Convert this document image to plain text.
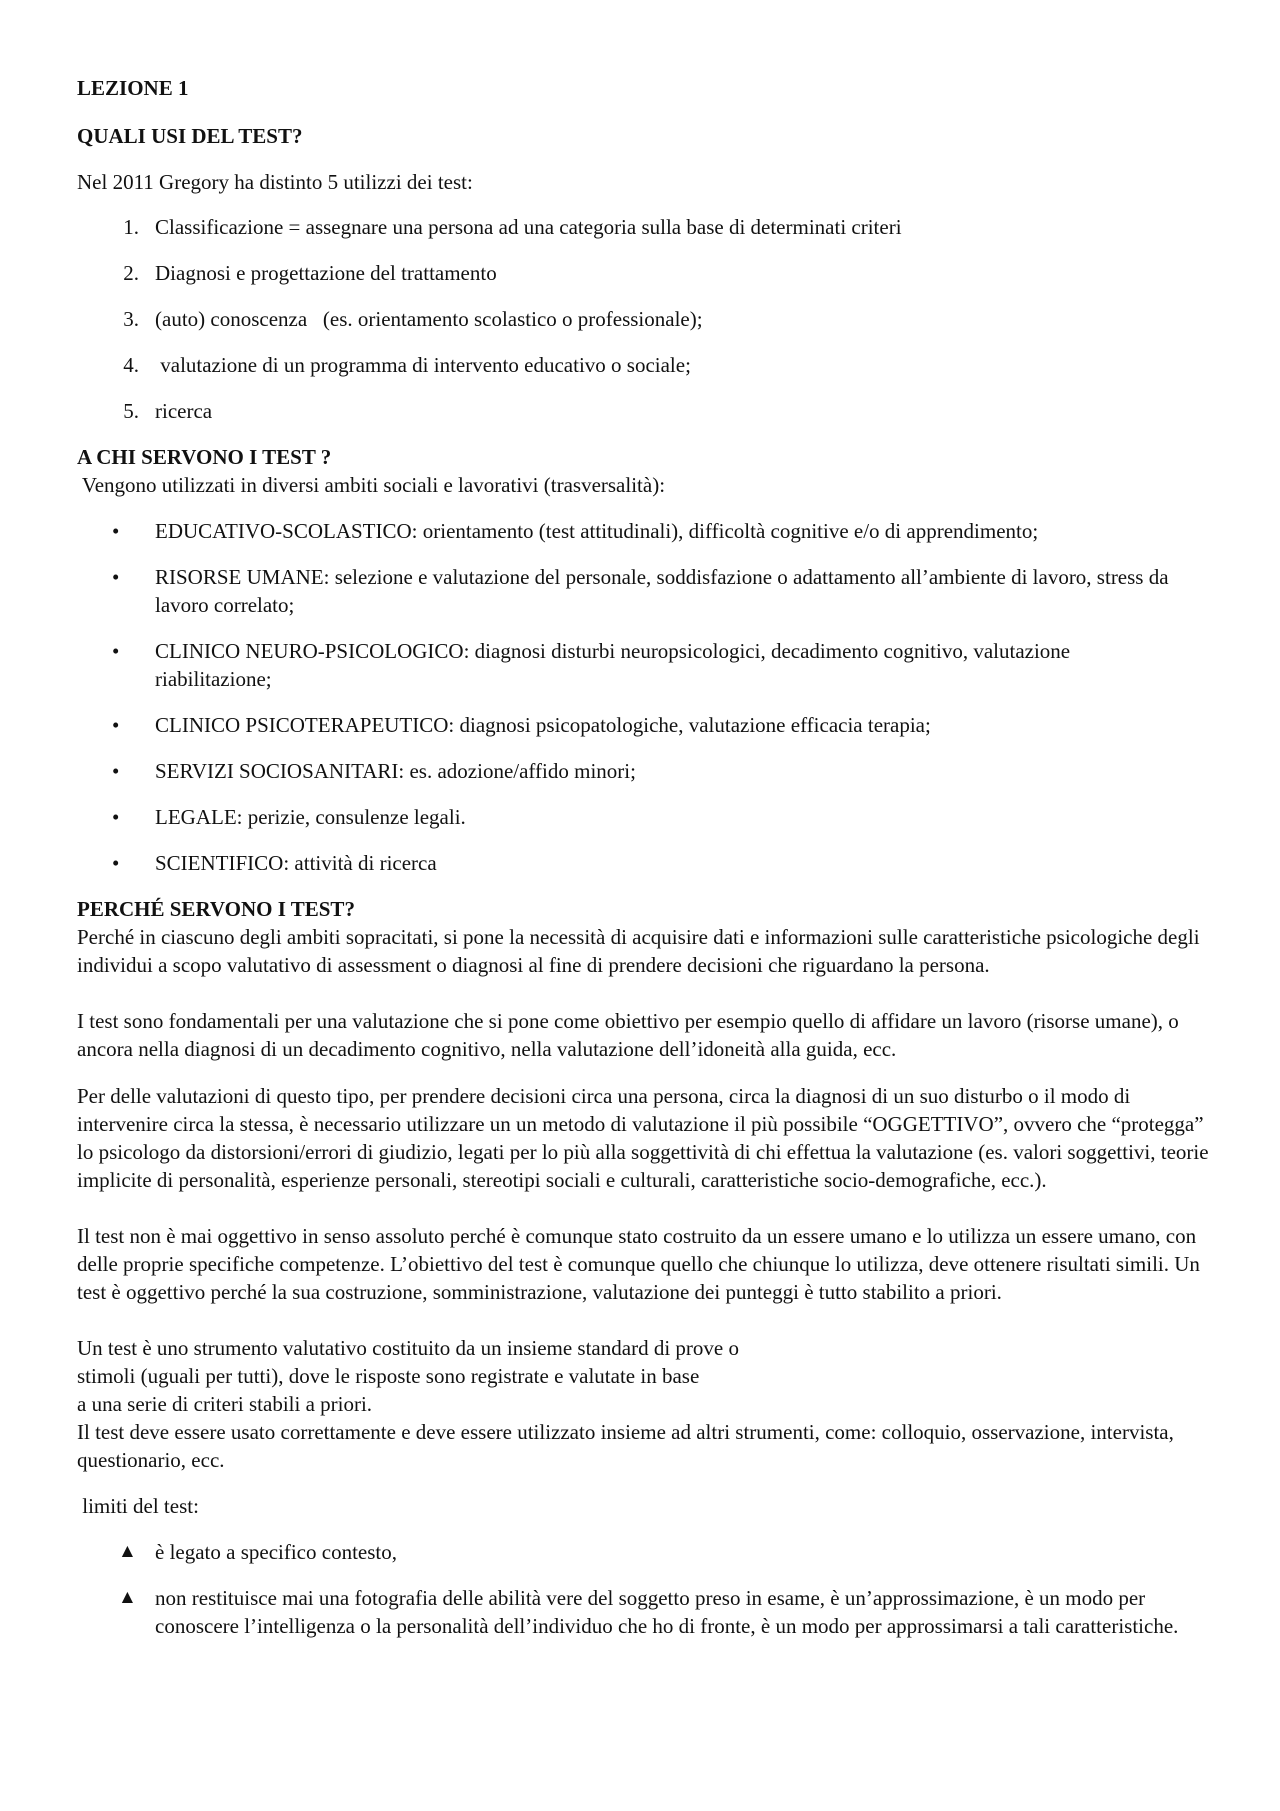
LEZIONE 1
QUALI USI DEL TEST?
Nel 2011 Gregory ha distinto 5 utilizzi dei test:
1. Classificazione = assegnare una persona ad una categoria sulla base di determinati criteri
2. Diagnosi e progettazione del trattamento
3. (auto) conoscenza   (es. orientamento scolastico o professionale);
4. valutazione di un programma di intervento educativo o sociale;
5. ricerca
A CHI SERVONO I TEST ?
Vengono utilizzati in diversi ambiti sociali e lavorativi (trasversalità):
• EDUCATIVO-SCOLASTICO: orientamento (test attitudinali), difficoltà cognitive e/o di apprendimento;
• RISORSE UMANE: selezione e valutazione del personale, soddisfazione o adattamento all’ambiente di lavoro, stress da lavoro correlato;
• CLINICO NEURO-PSICOLOGICO: diagnosi disturbi neuropsicologici, decadimento cognitivo, valutazione riabilitazione;
• CLINICO PSICOTERAPEUTICO: diagnosi psicopatologiche, valutazione efficacia terapia;
• SERVIZI SOCIOSANITARI: es. adozione/affido minori;
• LEGALE: perizie, consulenze legali.
• SCIENTIFICO: attività di ricerca
PERCHÉ SERVONO I TEST?
Perché in ciascuno degli ambiti sopracitati, si pone la necessità di acquisire dati e informazioni sulle caratteristiche psicologiche degli individui a scopo valutativo di assessment o diagnosi al fine di prendere decisioni che riguardano la persona.
I test sono fondamentali per una valutazione che si pone come obiettivo per esempio quello di affidare un lavoro (risorse umane), o ancora nella diagnosi di un decadimento cognitivo, nella valutazione dell’idoneità alla guida, ecc.
Per delle valutazioni di questo tipo, per prendere decisioni circa una persona, circa la diagnosi di un suo disturbo o il modo di intervenire circa la stessa, è necessario utilizzare un un metodo di valutazione il più possibile “OGGETTIVO”, ovvero che “protegga” lo psicologo da distorsioni/errori di giudizio, legati per lo più alla soggettività di chi effettua la valutazione (es. valori soggettivi, teorie implicite di personalità, esperienze personali, stereotipi sociali e culturali, caratteristiche socio-demografiche, ecc.).
Il test non è mai oggettivo in senso assoluto perché è comunque stato costruito da un essere umano e lo utilizza un essere umano, con delle proprie specifiche competenze. L’obiettivo del test è comunque quello che chiunque lo utilizza, deve ottenere risultati simili. Un test è oggettivo perché la sua costruzione, somministrazione, valutazione dei punteggi è tutto stabilito a priori.
Un test è uno strumento valutativo costituito da un insieme standard di prove o
stimoli (uguali per tutti), dove le risposte sono registrate e valutate in base
a una serie di criteri stabili a priori.
Il test deve essere usato correttamente e deve essere utilizzato insieme ad altri strumenti, come: colloquio, osservazione, intervista, questionario, ecc.
limiti del test:
▲ è legato a specifico contesto,
▲ non restituisce mai una fotografia delle abilità vere del soggetto preso in esame, è un’approssimazione, è un modo per conoscere l’intelligenza o la personalità dell’individuo che ho di fronte, è un modo per approssimarsi a tali caratteristiche.
